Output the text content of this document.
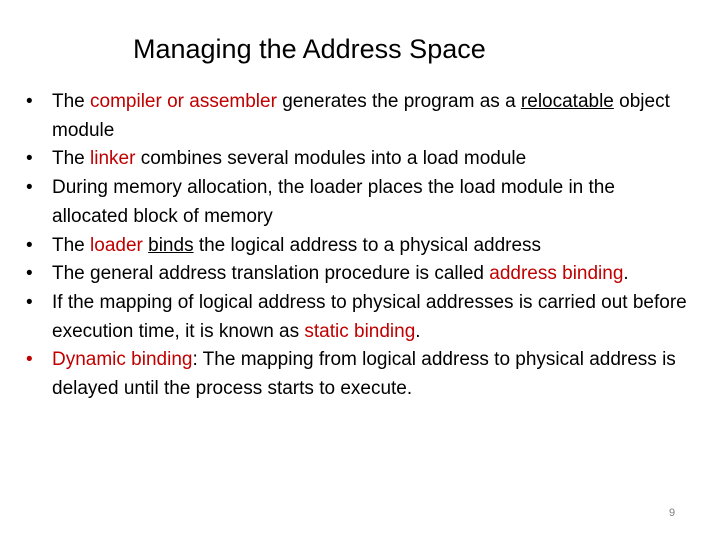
Managing the Address Space
• The compiler or assembler generates the program as a relocatable object module
• The linker combines several modules into a load module
• During memory allocation, the loader places the load module in the allocated block of memory
• The loader binds the logical address to a physical address
• The general address translation procedure is called address binding.
• If the mapping of logical address to physical addresses is carried out before execution time, it is known as static binding.
• Dynamic binding: The mapping from logical address to physical address is delayed until the process starts to execute.
9
